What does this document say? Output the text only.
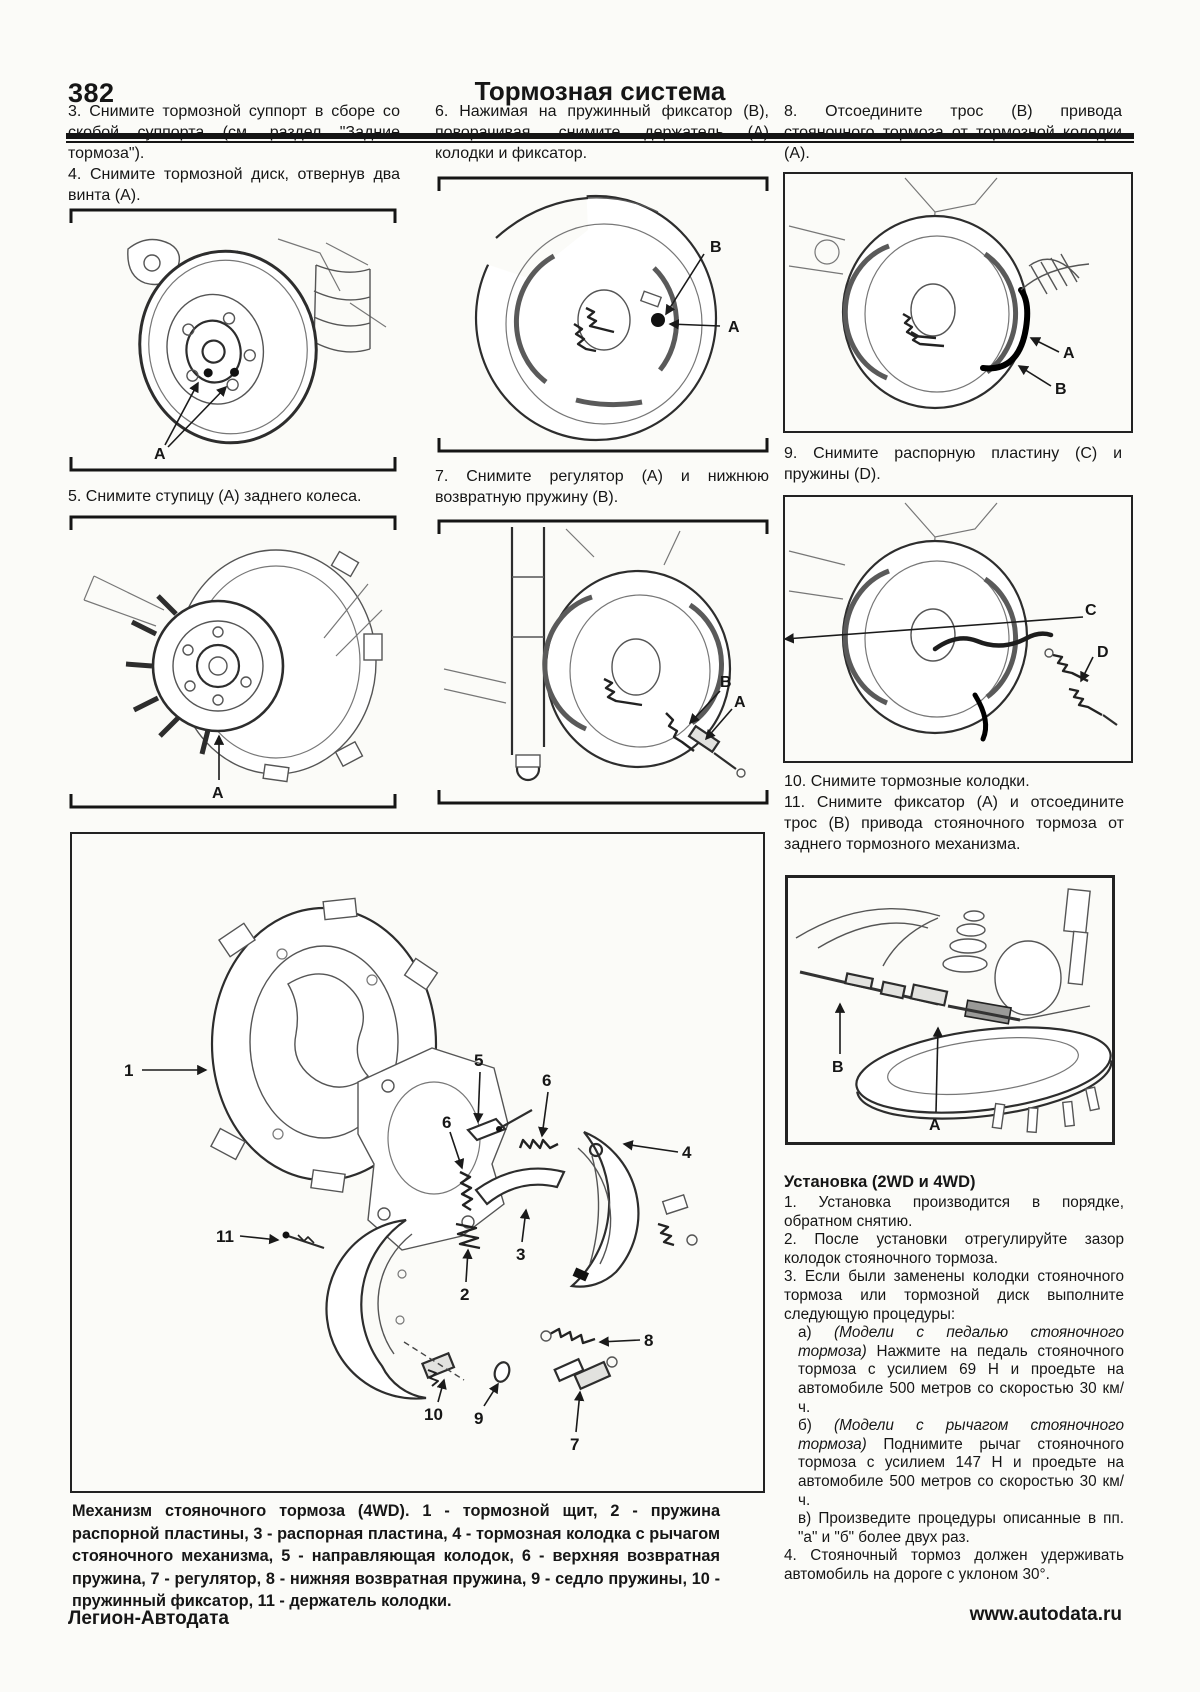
382	Тормозная система

3. Снимите тормозной суппорт в сборе со скобой суппорта (см. раздел "Задние тормоза").

4. Снимите тормозной диск, отвернув два винта (А).

A

5. Снимите ступицу (А) заднего колеса.

A

6. Нажимая на пружинный фиксатор (В), поворачивая, снимите держатель (А) колодки и фиксатор.

B
A

7. Снимите регулятор (А) и нижнюю возвратную пружину (В).

B
A

8. Отсоедините трос (В) привода стояночного тормоза от тормозной колодки (А).

A
B

9. Снимите распорную пластину (С) и пружины (D).

C
D

10. Снимите тормозные колодки.

11. Снимите фиксатор (А) и отсоедините трос (В) привода стояночного тормоза от заднего тормозного механизма.

B
A
Установка (2WD и 4WD)

1. Установка производится в порядке, обратном снятию.

2. После установки отрегулируйте зазор колодок стояночного тормоза.

3. Если были заменены колодки стояночного тормоза или тормозной диск выполните следующую процедуры:

а) (Модели с педалью стояночного тормоза) Нажмите на педаль стояночного тормоза с усилием 69 Н и проедьте на автомобиле 500 метров со скоростью 30 км/ч.

б) (Модели с рычагом стояночного тормоза) Поднимите рычаг стояночного тормоза с усилием 147 Н и проедьте на автомобиле 500 метров со скоростью 30 км/ч.

в) Произведите процедуры описанные в пп. "а" и "б" более двух раз.

4. Стояночный тормоз должен удерживать автомобиль на дороге с уклоном 30°.

1
5
6
6
4
11
3
2
8
10 9
7
Механизм стояночного тормоза (4WD). 1 - тормозной щит, 2 - пружина распорной пластины, 3 - распорная пластина, 4 - тормозная колодка с рычагом стояночного механизма, 5 - направляющая колодок, 6 - верхняя возвратная пружина, 7 - регулятор, 8 - нижняя возвратная пружина, 9 - седло пружины, 10 - пружинный фиксатор, 11 - держатель колодки.
Легион-Автодата	www.autodata.ru
